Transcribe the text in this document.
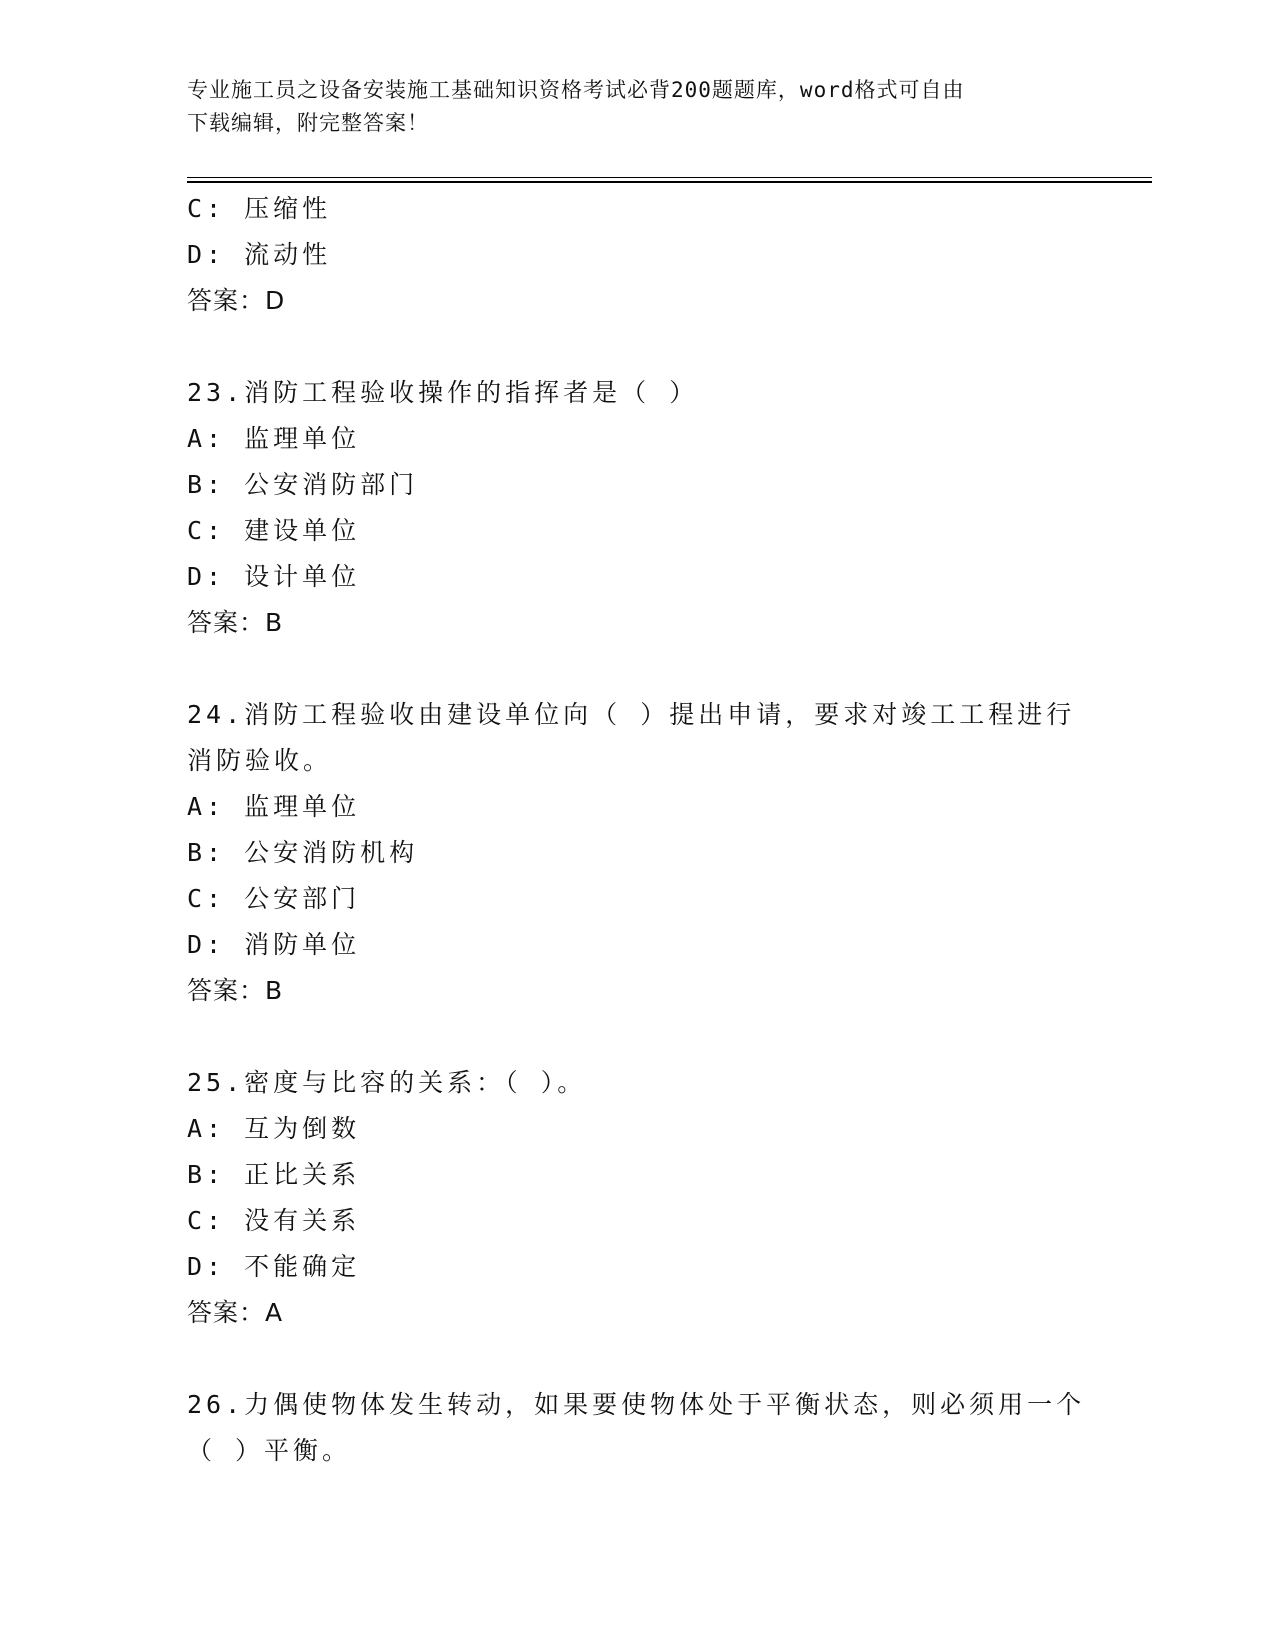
专业施工员之设备安装施工基础知识资格考试必背200题题库，word格式可自由
下载编辑，附完整答案！
C: 压缩性
D: 流动性
答案：D
23.消防工程验收操作的指挥者是（ ）
A: 监理单位
B: 公安消防部门
C: 建设单位
D: 设计单位
答案：B
24.消防工程验收由建设单位向（ ）提出申请，要求对竣工工程进行
消防验收。
A: 监理单位
B: 公安消防机构
C: 公安部门
D: 消防单位
答案：B
25.密度与比容的关系：（ ）。
A: 互为倒数
B: 正比关系
C: 没有关系
D: 不能确定
答案：A
26.力偶使物体发生转动，如果要使物体处于平衡状态，则必须用一个
（ ）平衡。
